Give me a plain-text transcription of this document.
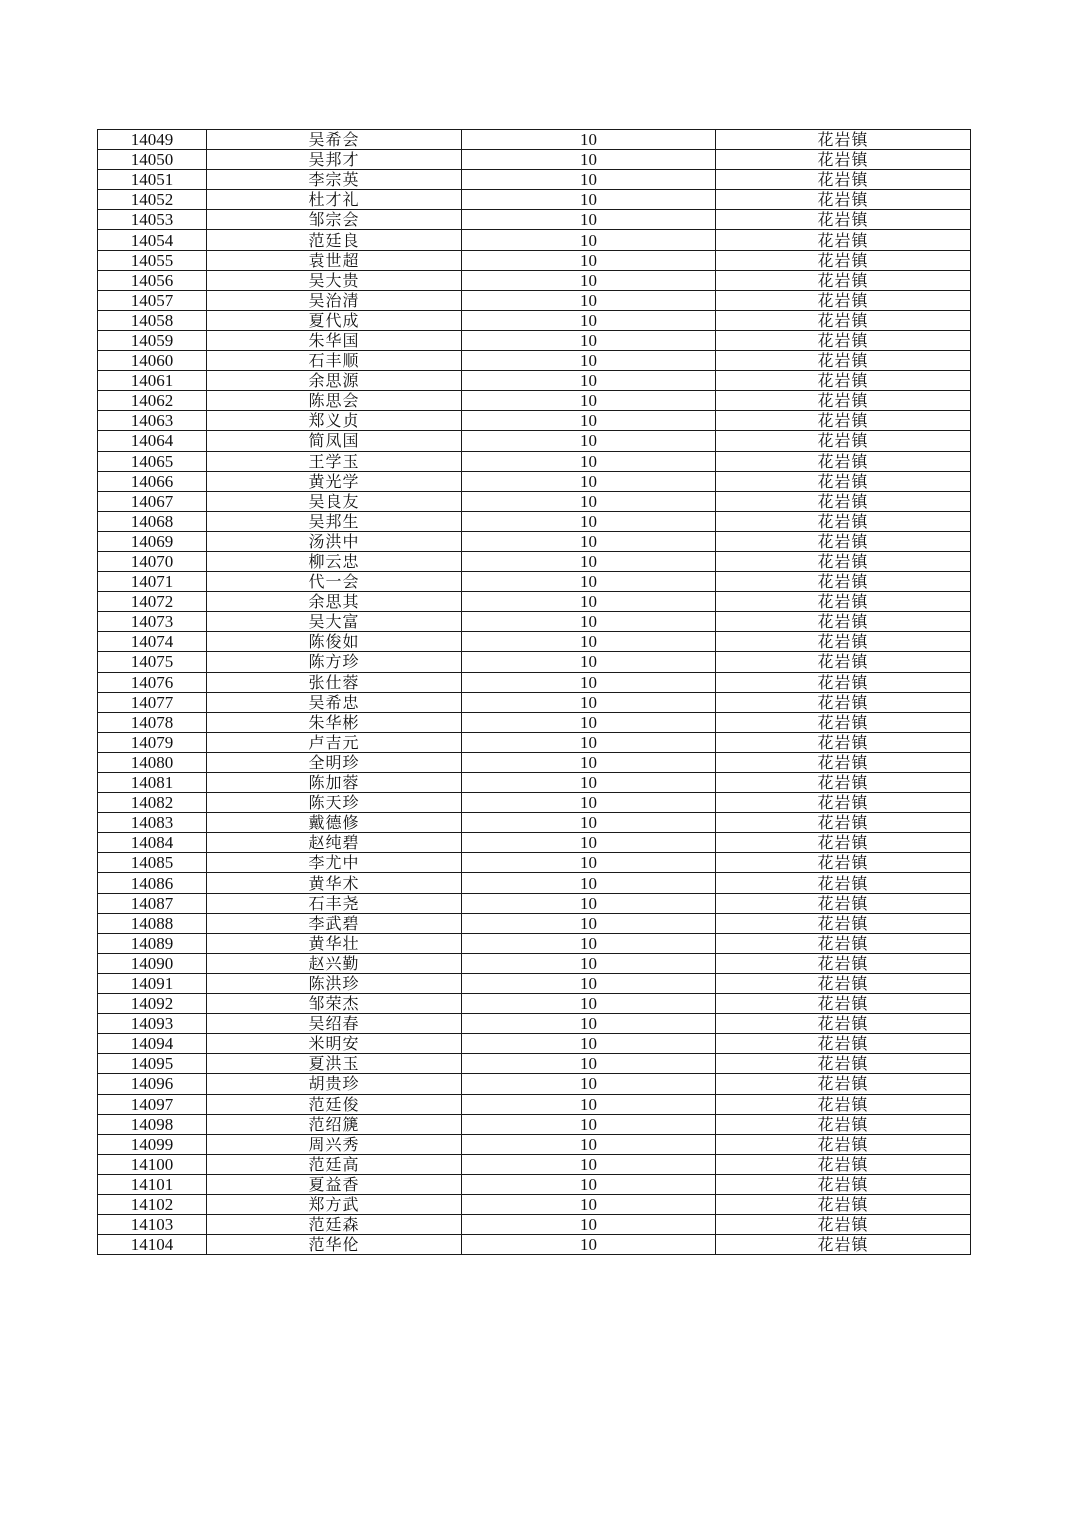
14049	吴希会	10	花岩镇
14050	吴邦才	10	花岩镇
14051	李宗英	10	花岩镇
14052	杜才礼	10	花岩镇
14053	邹宗会	10	花岩镇
14054	范廷良	10	花岩镇
14055	袁世超	10	花岩镇
14056	吴大贵	10	花岩镇
14057	吴治清	10	花岩镇
14058	夏代成	10	花岩镇
14059	朱华国	10	花岩镇
14060	石丰顺	10	花岩镇
14061	余思源	10	花岩镇
14062	陈思会	10	花岩镇
14063	郑义贞	10	花岩镇
14064	简凤国	10	花岩镇
14065	王学玉	10	花岩镇
14066	黄光学	10	花岩镇
14067	吴良友	10	花岩镇
14068	吴邦生	10	花岩镇
14069	汤洪中	10	花岩镇
14070	柳云忠	10	花岩镇
14071	代一会	10	花岩镇
14072	余思其	10	花岩镇
14073	吴大富	10	花岩镇
14074	陈俊如	10	花岩镇
14075	陈方珍	10	花岩镇
14076	张仕蓉	10	花岩镇
14077	吴希忠	10	花岩镇
14078	朱华彬	10	花岩镇
14079	卢吉元	10	花岩镇
14080	全明珍	10	花岩镇
14081	陈加蓉	10	花岩镇
14082	陈天珍	10	花岩镇
14083	戴德修	10	花岩镇
14084	赵纯碧	10	花岩镇
14085	李尤中	10	花岩镇
14086	黄华术	10	花岩镇
14087	石丰尧	10	花岩镇
14088	李武碧	10	花岩镇
14089	黄华壮	10	花岩镇
14090	赵兴勤	10	花岩镇
14091	陈洪珍	10	花岩镇
14092	邹荣杰	10	花岩镇
14093	吴绍春	10	花岩镇
14094	米明安	10	花岩镇
14095	夏洪玉	10	花岩镇
14096	胡贵珍	10	花岩镇
14097	范廷俊	10	花岩镇
14098	范绍篪	10	花岩镇
14099	周兴秀	10	花岩镇
14100	范廷高	10	花岩镇
14101	夏益香	10	花岩镇
14102	郑方武	10	花岩镇
14103	范廷森	10	花岩镇
14104	范华伦	10	花岩镇
